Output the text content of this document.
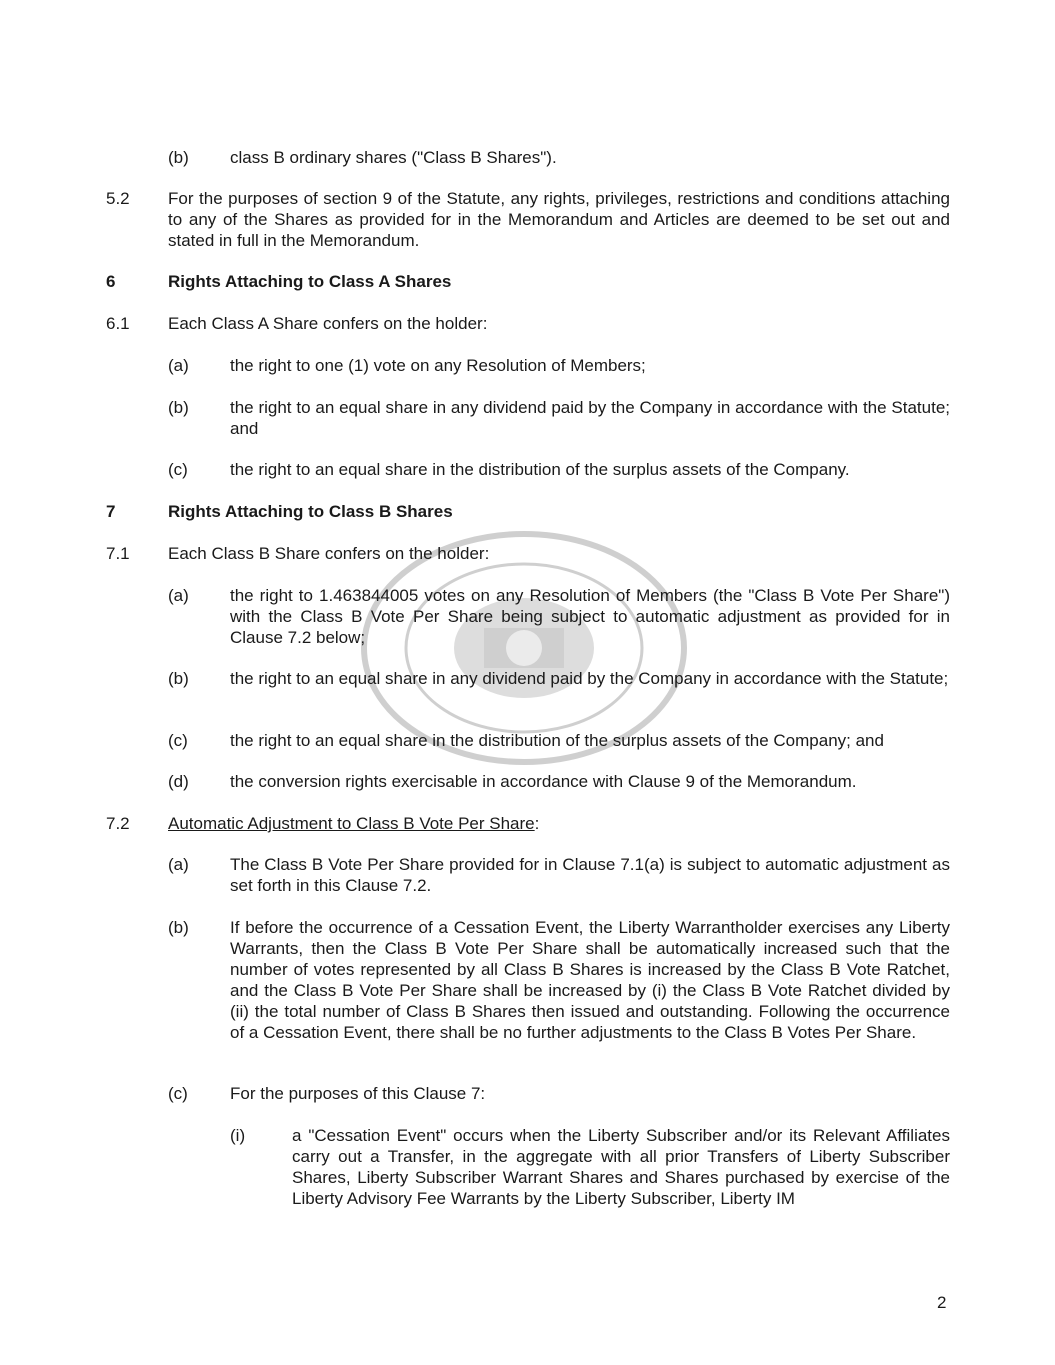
(b) class B ordinary shares ("Class B Shares").
5.2 For the purposes of section 9 of the Statute, any rights, privileges, restrictions and conditions attaching to any of the Shares as provided for in the Memorandum and Articles are deemed to be set out and stated in full in the Memorandum.
6	Rights Attaching to Class A Shares
6.1 Each Class A Share confers on the holder:
(a) the right to one (1) vote on any Resolution of Members;
(b) the right to an equal share in any dividend paid by the Company in accordance with the Statute; and
(c) the right to an equal share in the distribution of the surplus assets of the Company.
7	Rights Attaching to Class B Shares
7.1 Each Class B Share confers on the holder:
(a) the right to 1.463844005 votes on any Resolution of Members (the "Class B Vote Per Share") with the Class B Vote Per Share being subject to automatic adjustment as provided for in Clause 7.2 below;
(b) the right to an equal share in any dividend paid by the Company in accordance with the Statute;
(c) the right to an equal share in the distribution of the surplus assets of the Company; and
(d) the conversion rights exercisable in accordance with Clause 9 of the Memorandum.
7.2 Automatic Adjustment to Class B Vote Per Share:
(a) The Class B Vote Per Share provided for in Clause 7.1(a) is subject to automatic adjustment as set forth in this Clause 7.2.
(b) If before the occurrence of a Cessation Event, the Liberty Warrantholder exercises any Liberty Warrants, then the Class B Vote Per Share shall be automatically increased such that the number of votes represented by all Class B Shares is increased by the Class B Vote Ratchet, and the Class B Vote Per Share shall be increased by (i) the Class B Vote Ratchet divided by (ii) the total number of Class B Shares then issued and outstanding. Following the occurrence of a Cessation Event, there shall be no further adjustments to the Class B Votes Per Share.
(c) For the purposes of this Clause 7:
(i)	a "Cessation Event" occurs when the Liberty Subscriber and/or its Relevant Affiliates carry out a Transfer, in the aggregate with all prior Transfers of Liberty Subscriber Shares, Liberty Subscriber Warrant Shares and Shares purchased by exercise of the Liberty Advisory Fee Warrants by the Liberty Subscriber, Liberty IM
2
